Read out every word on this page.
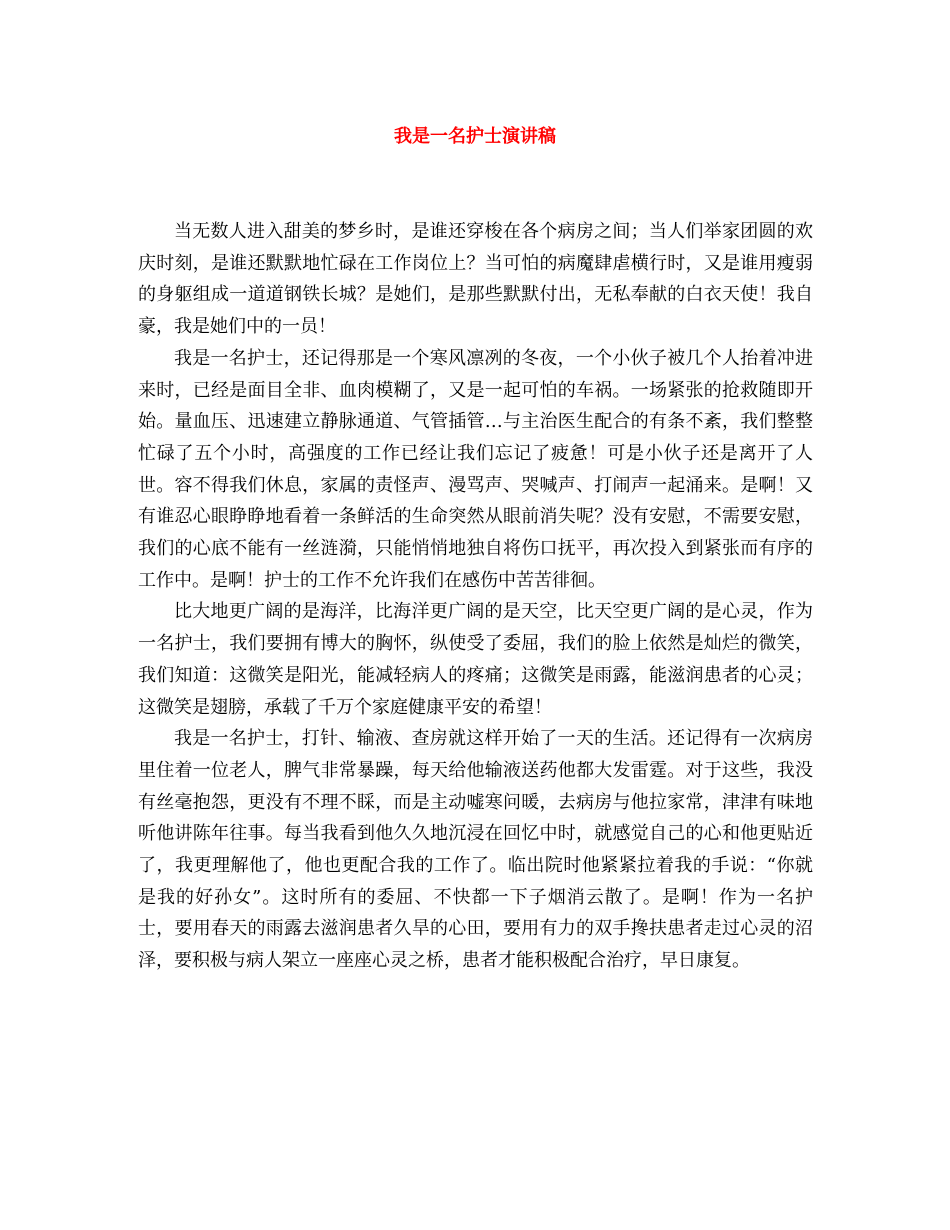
我是一名护士演讲稿

当无数人进入甜美的梦乡时，是谁还穿梭在各个病房之间；当人们举家团圆的欢庆时刻，是谁还默默地忙碌在工作岗位上？当可怕的病魔肆虐横行时，又是谁用瘦弱的身躯组成一道道钢铁长城？是她们，是那些默默付出，无私奉献的白衣天使！我自豪，我是她们中的一员！

我是一名护士，还记得那是一个寒风凛冽的冬夜，一个小伙子被几个人抬着冲进来时，已经是面目全非、血肉模糊了，又是一起可怕的车祸。一场紧张的抢救随即开始。量血压、迅速建立静脉通道、气管插管…与主治医生配合的有条不紊，我们整整忙碌了五个小时，高强度的工作已经让我们忘记了疲惫！可是小伙子还是离开了人世。容不得我们休息，家属的责怪声、漫骂声、哭喊声、打闹声一起涌来。是啊！又有谁忍心眼睁睁地看着一条鲜活的生命突然从眼前消失呢？没有安慰，不需要安慰，我们的心底不能有一丝涟漪，只能悄悄地独自将伤口抚平，再次投入到紧张而有序的工作中。是啊！护士的工作不允许我们在感伤中苦苦徘徊。

比大地更广阔的是海洋，比海洋更广阔的是天空，比天空更广阔的是心灵，作为一名护士，我们要拥有博大的胸怀，纵使受了委屈，我们的脸上依然是灿烂的微笑，我们知道：这微笑是阳光，能减轻病人的疼痛；这微笑是雨露，能滋润患者的心灵；这微笑是翅膀，承载了千万个家庭健康平安的希望！

我是一名护士，打针、输液、查房就这样开始了一天的生活。还记得有一次病房里住着一位老人，脾气非常暴躁，每天给他输液送药他都大发雷霆。对于这些，我没有丝毫抱怨，更没有不理不睬，而是主动嘘寒问暖，去病房与他拉家常，津津有味地听他讲陈年往事。每当我看到他久久地沉浸在回忆中时，就感觉自己的心和他更贴近了，我更理解他了，他也更配合我的工作了。临出院时他紧紧拉着我的手说：“你就是我的好孙女”。这时所有的委屈、不快都一下子烟消云散了。是啊！作为一名护士，要用春天的雨露去滋润患者久旱的心田，要用有力的双手搀扶患者走过心灵的沼泽，要积极与病人架立一座座心灵之桥，患者才能积极配合治疗，早日康复。
